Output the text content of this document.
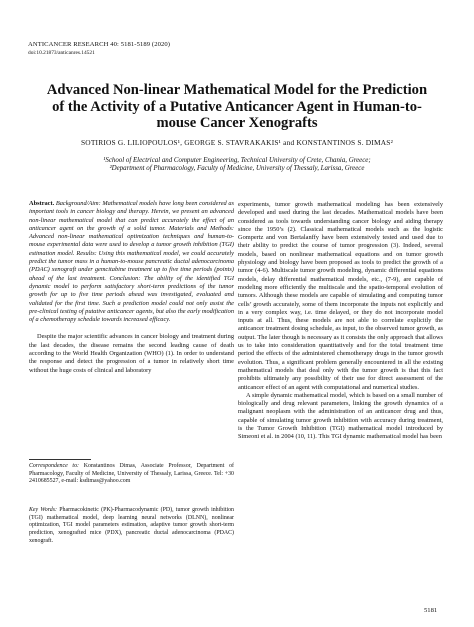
ANTICANCER RESEARCH 40: 5181-5189 (2020)
doi:10.21873/anticanres.14521
Advanced Non-linear Mathematical Model for the Prediction of the Activity of a Putative Anticancer Agent in Human-to-mouse Cancer Xenografts
SOTIRIOS G. LILIOPOULOS¹, GEORGE S. STAVRAKAKIS¹ and KONSTANTINOS S. DIMAS²
¹School of Electrical and Computer Engineering, Technical University of Crete, Chania, Greece;
²Department of Pharmacology, Faculty of Medicine, University of Thessaly, Larissa, Greece

Abstract. Background/Aim: Mathematical models have long been considered as important tools in cancer biology and therapy. Herein, we present an advanced non-linear mathematical model that can predict accurately the effect of an anticancer agent on the growth of a solid tumor. Materials and Methods: Advanced non-linear mathematical optimization techniques and human-to-mouse experimental data were used to develop a tumor growth inhibition (TGI) estimation model. Results: Using this mathematical model, we could accurately predict the tumor mass in a human-to-mouse pancreatic ductal adenocarcinoma (PDAC) xenograft under gemcitabine treatment up to five time periods (points) ahead of the last treatment. Conclusion: The ability of the identified TGI dynamic model to perform satisfactory short-term predictions of the tumor growth for up to five time periods ahead was investigated, evaluated and validated for the first time. Such a prediction model could not only assist the pre-clinical testing of putative anticancer agents, but also the early modification of a chemotherapy schedule towards increased efficacy.

Despite the major scientific advances in cancer biology and treatment during the last decades, the disease remains the second leading cause of death according to the World Health Organization (WHO) (1). In order to understand the response and detect the progression of a tumor in relatively short time without the huge costs of clinical and laboratory

Correspondence to: Konstantinos Dimas, Associate Professor, Department of Pharmacology, Faculty of Medicine, University of Thessaly, Larissa, Greece. Tel: +30 2410685527, e-mail: ksdimas@yahoo.com
Key Words: Pharmacokinetic (PK)-Pharmacodynamic (PD), tumor growth inhibition (TGI) mathematical model, deep learning neural networks (DLNN), nonlinear optimization, TGI model parameters estimation, adaptive tumor growth short-term prediction, xenografted mice (PDX), pancreatic ductal adenocarcinoma (PDAC) xenograft.

experiments, tumor growth mathematical modeling has been extensively developed and used during the last decades. Mathematical models have been considered as tools towards understanding cancer biology and aiding therapy since the 1950’s (2). Classical mathematical models such as the logistic Gompertz and von Bertalanffy have been extensively tested and used due to their ability to predict the course of tumor progression (3). Indeed, several models, based on nonlinear mathematical equations and on tumor growth physiology and biology have been proposed as tools to predict the growth of a tumor (4-6). Multiscale tumor growth modeling, dynamic differential equations models, delay differential mathematical models, etc., (7-9), are capable of modeling more efficiently the multiscale and the spatio-temporal evolution of tumors. Although these models are capable of simulating and computing tumor cells’ growth accurately, some of them incorporate the inputs not explicitly and in a very complex way, i.e. time delayed, or they do not incorporate model inputs at all. Thus, these models are not able to correlate explicitly the anticancer treatment dosing schedule, as input, to the observed tumor growth, as output. The later though is necessary as it consists the only approach that allows us to take into consideration quantitatively and for the total treatment time period the effects of the administered chemotherapy drugs in the tumor growth evolution. Thus, a significant problem generally encountered in all the existing mathematical models that deal only with the tumor growth is that this fact prohibits ultimately any possibility of their use for direct assessment of the anticancer effect of an agent with computational and numerical studies.

A simple dynamic mathematical model, which is based on a small number of biologically and drug relevant parameters, linking the growth dynamics of a malignant neoplasm with the administration of an anticancer drug and thus, capable of simulating tumor growth inhibition with accuracy during treatment, is the Tumor Growth Inhibition (TGI) mathematical model introduced by Simeoni et al. in 2004 (10, 11). This TGI dynamic mathematical model has been

5181
